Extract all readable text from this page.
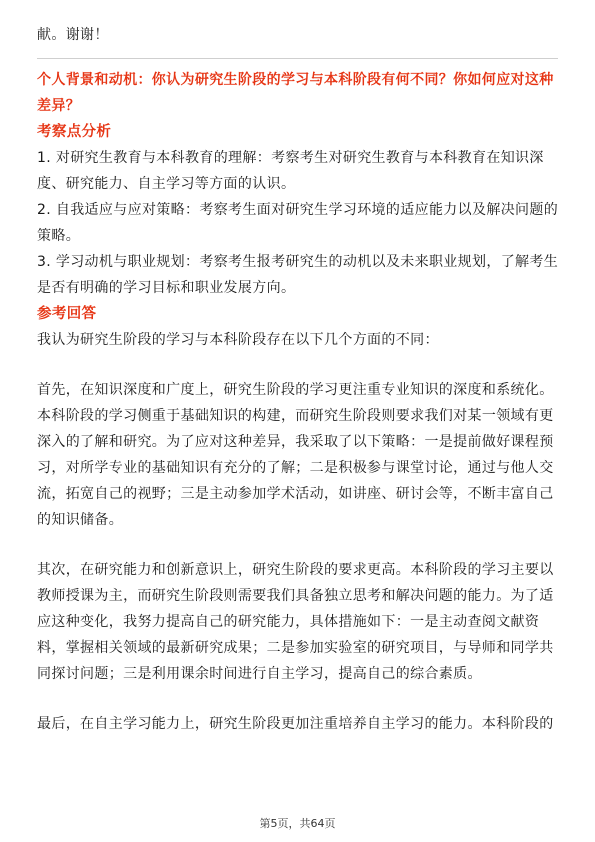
献。谢谢！
个人背景和动机：你认为研究生阶段的学习与本科阶段有何不同？你如何应对这种
差异？
考察点分析
1. 对研究生教育与本科教育的理解：考察考生对研究生教育与本科教育在知识深
度、研究能力、自主学习等方面的认识。
2. 自我适应与应对策略：考察考生面对研究生学习环境的适应能力以及解决问题的
策略。
3. 学习动机与职业规划：考察考生报考研究生的动机以及未来职业规划，了解考生
是否有明确的学习目标和职业发展方向。
参考回答
我认为研究生阶段的学习与本科阶段存在以下几个方面的不同：
首先，在知识深度和广度上，研究生阶段的学习更注重专业知识的深度和系统化。
本科阶段的学习侧重于基础知识的构建，而研究生阶段则要求我们对某一领域有更
深入的了解和研究。为了应对这种差异，我采取了以下策略：一是提前做好课程预
习，对所学专业的基础知识有充分的了解；二是积极参与课堂讨论，通过与他人交
流，拓宽自己的视野；三是主动参加学术活动，如讲座、研讨会等，不断丰富自己
的知识储备。
其次，在研究能力和创新意识上，研究生阶段的要求更高。本科阶段的学习主要以
教师授课为主，而研究生阶段则需要我们具备独立思考和解决问题的能力。为了适
应这种变化，我努力提高自己的研究能力，具体措施如下：一是主动查阅文献资
料，掌握相关领域的最新研究成果；二是参加实验室的研究项目，与导师和同学共
同探讨问题；三是利用课余时间进行自主学习，提高自己的综合素质。
最后，在自主学习能力上，研究生阶段更加注重培养自主学习的能力。本科阶段的
第5页，共64页
